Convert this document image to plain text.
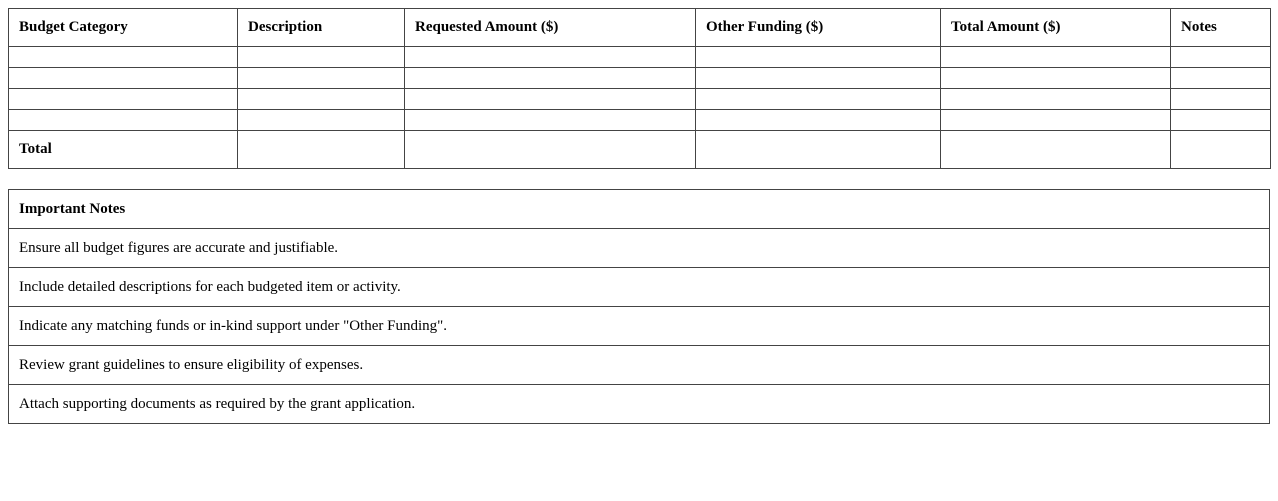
Budget Category	Description	Requested Amount ($)	Other Funding ($)	Total Amount ($)	Notes

Total					
Important Notes
Ensure all budget figures are accurate and justifiable.
Include detailed descriptions for each budgeted item or activity.
Indicate any matching funds or in-kind support under "Other Funding".
Review grant guidelines to ensure eligibility of expenses.
Attach supporting documents as required by the grant application.
